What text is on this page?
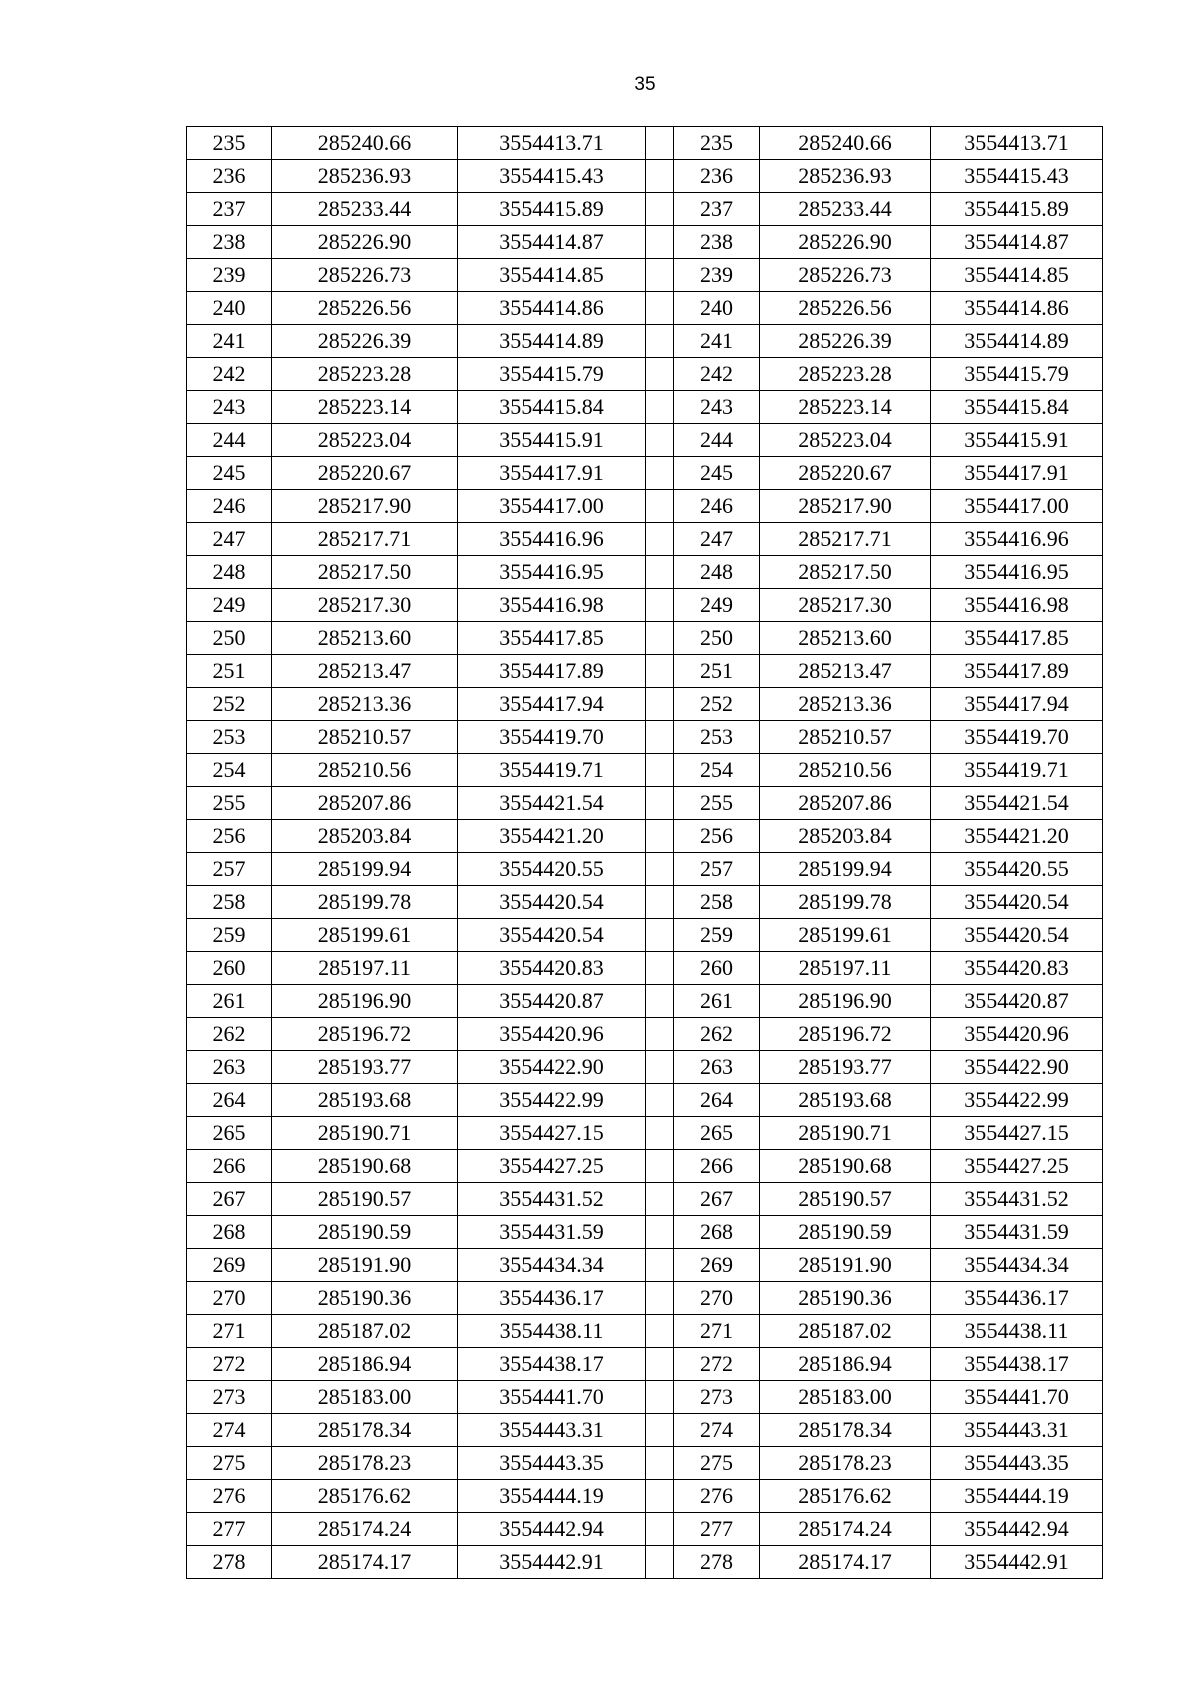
35
235	285240.66	3554413.71		235	285240.66	3554413.71
236	285236.93	3554415.43		236	285236.93	3554415.43
237	285233.44	3554415.89		237	285233.44	3554415.89
238	285226.90	3554414.87		238	285226.90	3554414.87
239	285226.73	3554414.85		239	285226.73	3554414.85
240	285226.56	3554414.86		240	285226.56	3554414.86
241	285226.39	3554414.89		241	285226.39	3554414.89
242	285223.28	3554415.79		242	285223.28	3554415.79
243	285223.14	3554415.84		243	285223.14	3554415.84
244	285223.04	3554415.91		244	285223.04	3554415.91
245	285220.67	3554417.91		245	285220.67	3554417.91
246	285217.90	3554417.00		246	285217.90	3554417.00
247	285217.71	3554416.96		247	285217.71	3554416.96
248	285217.50	3554416.95		248	285217.50	3554416.95
249	285217.30	3554416.98		249	285217.30	3554416.98
250	285213.60	3554417.85		250	285213.60	3554417.85
251	285213.47	3554417.89		251	285213.47	3554417.89
252	285213.36	3554417.94		252	285213.36	3554417.94
253	285210.57	3554419.70		253	285210.57	3554419.70
254	285210.56	3554419.71		254	285210.56	3554419.71
255	285207.86	3554421.54		255	285207.86	3554421.54
256	285203.84	3554421.20		256	285203.84	3554421.20
257	285199.94	3554420.55		257	285199.94	3554420.55
258	285199.78	3554420.54		258	285199.78	3554420.54
259	285199.61	3554420.54		259	285199.61	3554420.54
260	285197.11	3554420.83		260	285197.11	3554420.83
261	285196.90	3554420.87		261	285196.90	3554420.87
262	285196.72	3554420.96		262	285196.72	3554420.96
263	285193.77	3554422.90		263	285193.77	3554422.90
264	285193.68	3554422.99		264	285193.68	3554422.99
265	285190.71	3554427.15		265	285190.71	3554427.15
266	285190.68	3554427.25		266	285190.68	3554427.25
267	285190.57	3554431.52		267	285190.57	3554431.52
268	285190.59	3554431.59		268	285190.59	3554431.59
269	285191.90	3554434.34		269	285191.90	3554434.34
270	285190.36	3554436.17		270	285190.36	3554436.17
271	285187.02	3554438.11		271	285187.02	3554438.11
272	285186.94	3554438.17		272	285186.94	3554438.17
273	285183.00	3554441.70		273	285183.00	3554441.70
274	285178.34	3554443.31		274	285178.34	3554443.31
275	285178.23	3554443.35		275	285178.23	3554443.35
276	285176.62	3554444.19		276	285176.62	3554444.19
277	285174.24	3554442.94		277	285174.24	3554442.94
278	285174.17	3554442.91		278	285174.17	3554442.91
